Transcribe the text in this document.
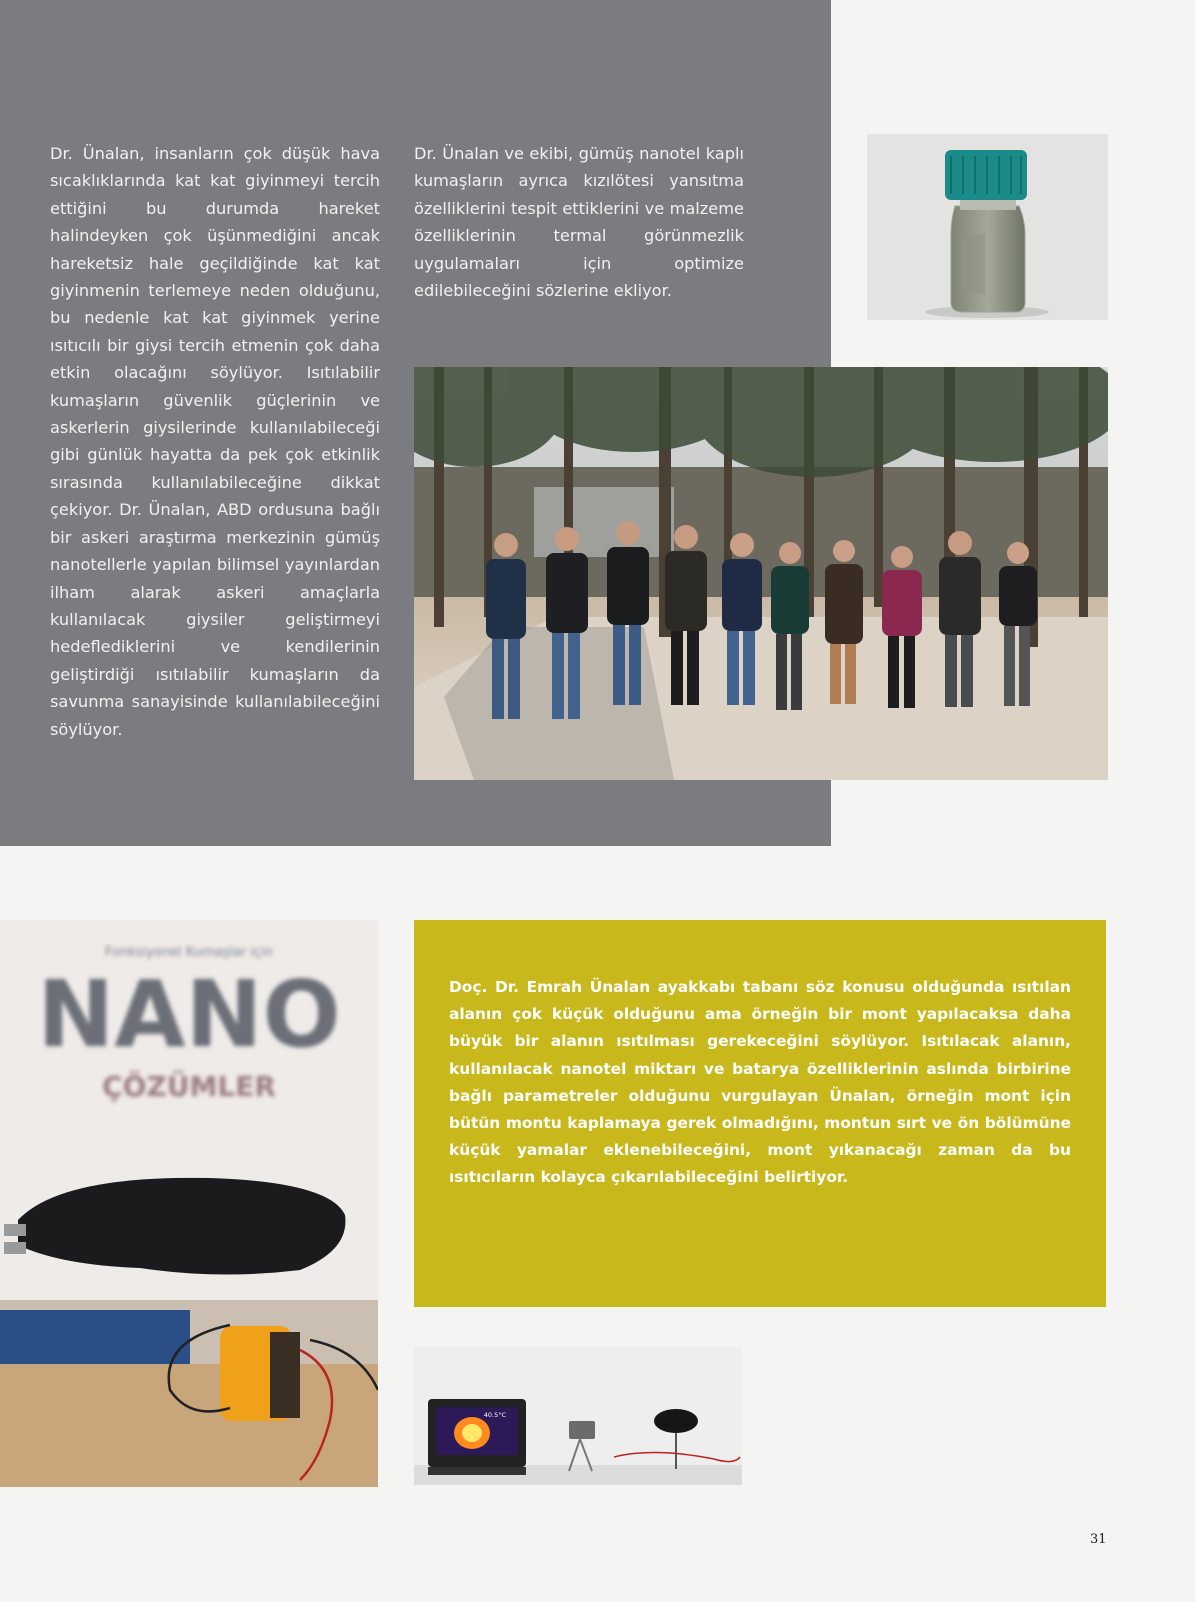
Dr. Ünalan, insanların çok düşük hava sıcaklıklarında kat kat giyinmeyi tercih ettiğini bu durumda hareket halindeyken çok üşünmediğini ancak hareketsiz hale geçildiğinde kat kat giyinmenin terlemeye neden olduğunu, bu nedenle kat kat giyinmek yerine ısıtıcılı bir giysi tercih etmenin çok daha etkin olacağını söylüyor. Isıtılabilir kumaşların güvenlik güçlerinin ve askerlerin giysilerinde kullanılabileceği gibi günlük hayatta da pek çok etkinlik sırasında kullanılabileceğine dikkat çekiyor. Dr. Ünalan, ABD ordusuna bağlı bir askeri araştırma merkezinin gümüş nanotellerle yapılan bilimsel yayınlardan ilham alarak askeri amaçlarla kullanılacak giysiler geliştirmeyi hedeflediklerini ve kendilerinin geliştirdiği ısıtılabilir kumaşların da savunma sanayisinde kullanılabileceğini söylüyor.

Dr. Ünalan ve ekibi, gümüş nanotel kaplı kumaşların ayrıca kızılötesi yansıtma özelliklerini tespit ettiklerini ve malzeme özelliklerinin termal görünmezlik uygulamaları için optimize edilebileceğini sözlerine ekliyor.

Fonksiyonel Kumaşlar için
NANO
ÇÖZÜMLER

Doç. Dr. Emrah Ünalan ayakkabı tabanı söz konusu olduğunda ısıtılan alanın çok küçük olduğunu ama örneğin bir mont yapılacaksa daha büyük bir alanın ısıtılması gerekeceğini söylüyor. Isıtılacak alanın, kullanılacak nanotel miktarı ve batarya özelliklerinin aslında birbirine bağlı parametreler olduğunu vurgulayan Ünalan, örneğin mont için bütün montu kaplamaya gerek olmadığını, montun sırt ve ön bölümüne küçük yamalar eklenebileceğini, mont yıkanacağı zaman da bu ısıtıcıların kolayca çıkarılabileceğini belirtiyor.

40.5°C
31
